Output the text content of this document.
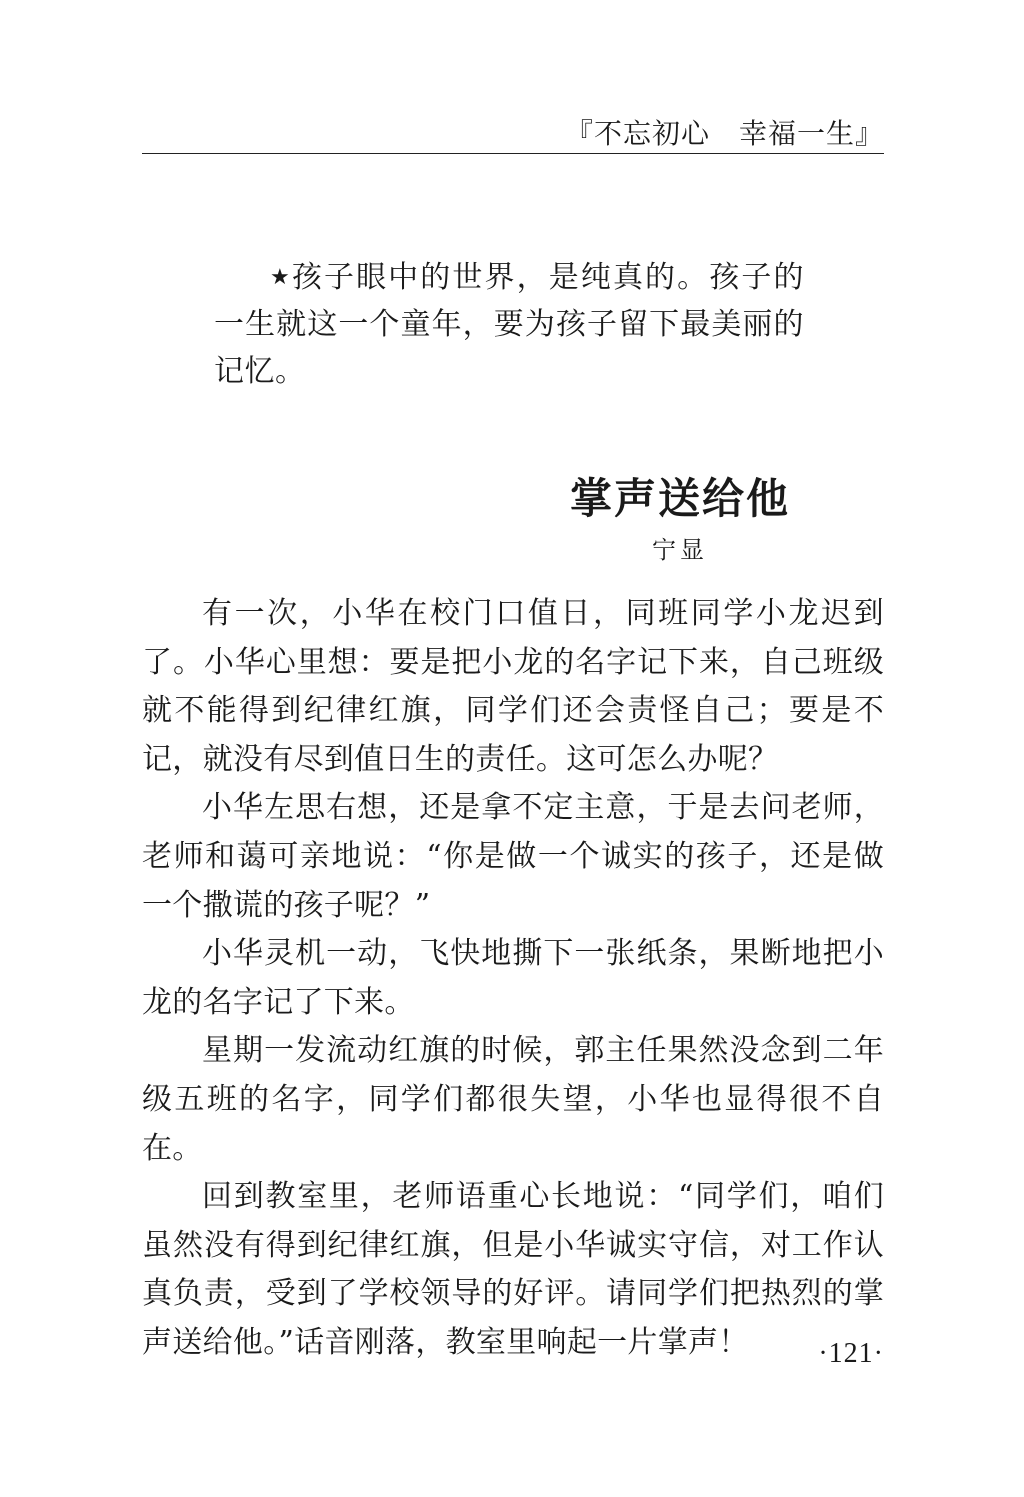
『不忘初心　幸福一生』
★孩子眼中的世界，是纯真的。孩子的一生就这一个童年，要为孩子留下最美丽的记忆。
掌声送给他
宁显

有一次，小华在校门口值日，同班同学小龙迟到了。小华心里想：要是把小龙的名字记下来，自己班级就不能得到纪律红旗，同学们还会责怪自己；要是不记，就没有尽到值日生的责任。这可怎么办呢？

小华左思右想，还是拿不定主意，于是去问老师，老师和蔼可亲地说：“你是做一个诚实的孩子，还是做一个撒谎的孩子呢？”

小华灵机一动，飞快地撕下一张纸条，果断地把小龙的名字记了下来。

星期一发流动红旗的时候，郭主任果然没念到二年级五班的名字，同学们都很失望，小华也显得很不自在。

回到教室里，老师语重心长地说：“同学们，咱们虽然没有得到纪律红旗，但是小华诚实守信，对工作认真负责，受到了学校领导的好评。请同学们把热烈的掌声送给他。”话音刚落，教室里响起一片掌声！	·121·
